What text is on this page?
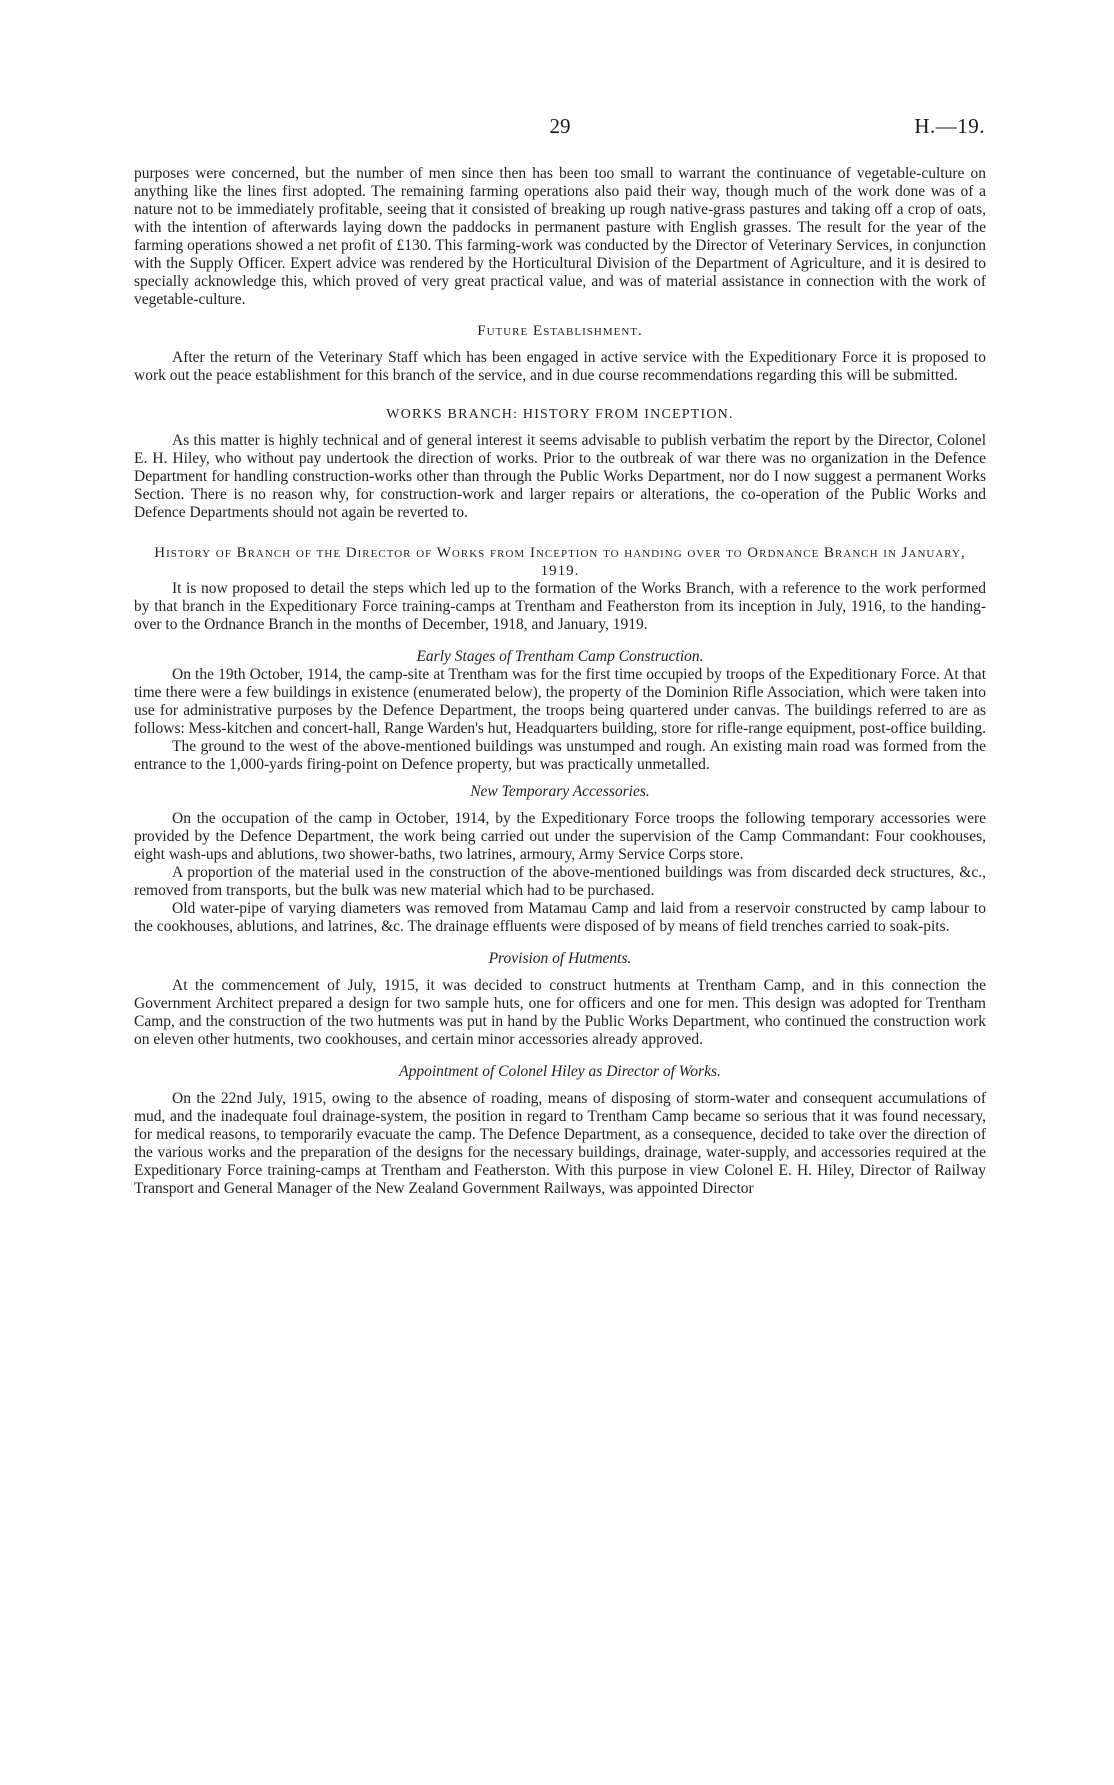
29	H.—19.

purposes were concerned, but the number of men since then has been too small to warrant the continuance of vegetable-culture on anything like the lines first adopted. The remaining farming operations also paid their way, though much of the work done was of a nature not to be immediately profitable, seeing that it consisted of breaking up rough native-grass pastures and taking off a crop of oats, with the intention of afterwards laying down the paddocks in permanent pasture with English grasses. The result for the year of the farming operations showed a net profit of £130. This farming-work was conducted by the Director of Veterinary Services, in conjunction with the Supply Officer. Expert advice was rendered by the Horticultural Division of the Department of Agriculture, and it is desired to specially acknowledge this, which proved of very great practical value, and was of material assistance in connection with the work of vegetable-culture.

Future Establishment.

After the return of the Veterinary Staff which has been engaged in active service with the Expeditionary Force it is proposed to work out the peace establishment for this branch of the service, and in due course recommendations regarding this will be submitted.

WORKS BRANCH: HISTORY FROM INCEPTION.

As this matter is highly technical and of general interest it seems advisable to publish verbatim the report by the Director, Colonel E. H. Hiley, who without pay undertook the direction of works. Prior to the outbreak of war there was no organization in the Defence Department for handling construction-works other than through the Public Works Department, nor do I now suggest a permanent Works Section. There is no reason why, for construction-work and larger repairs or alterations, the co-operation of the Public Works and Defence Departments should not again be reverted to.

History of Branch of the Director of Works from Inception to handing over to Ordnance Branch in January, 1919.

It is now proposed to detail the steps which led up to the formation of the Works Branch, with a reference to the work performed by that branch in the Expeditionary Force training-camps at Trentham and Featherston from its inception in July, 1916, to the handing-over to the Ordnance Branch in the months of December, 1918, and January, 1919.

Early Stages of Trentham Camp Construction.

On the 19th October, 1914, the camp-site at Trentham was for the first time occupied by troops of the Expeditionary Force. At that time there were a few buildings in existence (enumerated below), the property of the Dominion Rifle Association, which were taken into use for administrative purposes by the Defence Department, the troops being quartered under canvas. The buildings referred to are as follows: Mess-kitchen and concert-hall, Range Warden's hut, Headquarters building, store for rifle-range equipment, post-office building.

The ground to the west of the above-mentioned buildings was unstumped and rough. An existing main road was formed from the entrance to the 1,000-yards firing-point on Defence property, but was practically unmetalled.

New Temporary Accessories.

On the occupation of the camp in October, 1914, by the Expeditionary Force troops the following temporary accessories were provided by the Defence Department, the work being carried out under the supervision of the Camp Commandant: Four cookhouses, eight wash-ups and ablutions, two shower-baths, two latrines, armoury, Army Service Corps store.

A proportion of the material used in the construction of the above-mentioned buildings was from discarded deck structures, &c., removed from transports, but the bulk was new material which had to be purchased.

Old water-pipe of varying diameters was removed from Matamau Camp and laid from a reservoir constructed by camp labour to the cookhouses, ablutions, and latrines, &c. The drainage effluents were disposed of by means of field trenches carried to soak-pits.

Provision of Hutments.

At the commencement of July, 1915, it was decided to construct hutments at Trentham Camp, and in this connection the Government Architect prepared a design for two sample huts, one for officers and one for men. This design was adopted for Trentham Camp, and the construction of the two hutments was put in hand by the Public Works Department, who continued the construction work on eleven other hutments, two cookhouses, and certain minor accessories already approved.

Appointment of Colonel Hiley as Director of Works.

On the 22nd July, 1915, owing to the absence of roading, means of disposing of storm-water and consequent accumulations of mud, and the inadequate foul drainage-system, the position in regard to Trentham Camp became so serious that it was found necessary, for medical reasons, to temporarily evacuate the camp. The Defence Department, as a consequence, decided to take over the direction of the various works and the preparation of the designs for the necessary buildings, drainage, water-supply, and accessories required at the Expeditionary Force training-camps at Trentham and Featherston. With this purpose in view Colonel E. H. Hiley, Director of Railway Transport and General Manager of the New Zealand Government Railways, was appointed Director
